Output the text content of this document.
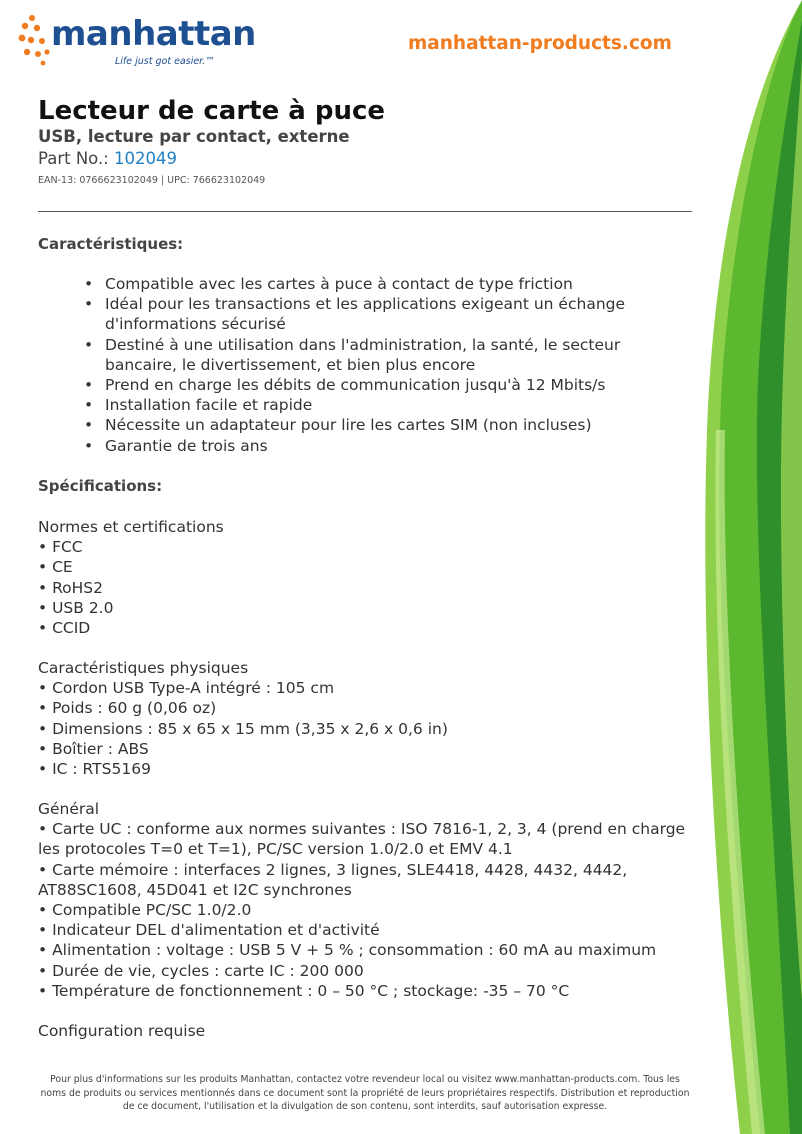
manhattan
Life just got easier.™
manhattan-products.com
Lecteur de carte à puce
USB, lecture par contact, externe
Part No.: 102049
EAN-13: 0766623102049 | UPC: 766623102049
Caractéristiques:
• Compatible avec les cartes à puce à contact de type friction
• Idéal pour les transactions et les applications exigeant un échange d'informations sécurisé
• Destiné à une utilisation dans l'administration, la santé, le secteur bancaire, le divertissement, et bien plus encore
• Prend en charge les débits de communication jusqu'à 12 Mbits/s
• Installation facile et rapide
• Nécessite un adaptateur pour lire les cartes SIM (non incluses)
• Garantie de trois ans
Spécifications:
Normes et certifications
• FCC
• CE
• RoHS2
• USB 2.0
• CCID
Caractéristiques physiques
• Cordon USB Type-A intégré : 105 cm
• Poids : 60 g (0,06 oz)
• Dimensions : 85 x 65 x 15 mm (3,35 x 2,6 x 0,6 in)
• Boîtier : ABS
• IC : RTS5169
Général
• Carte UC : conforme aux normes suivantes : ISO 7816-1, 2, 3, 4 (prend en charge les protocoles T=0 et T=1), PC/SC version 1.0/2.0 et EMV 4.1
• Carte mémoire : interfaces 2 lignes, 3 lignes, SLE4418, 4428, 4432, 4442, AT88SC1608, 45D041 et I2C synchrones
• Compatible PC/SC 1.0/2.0
• Indicateur DEL d'alimentation et d'activité
• Alimentation : voltage : USB 5 V + 5 % ; consommation : 60 mA au maximum
• Durée de vie, cycles : carte IC : 200 000
• Température de fonctionnement : 0 – 50 °C ; stockage: -35 – 70 °C
Configuration requise
Pour plus d'informations sur les produits Manhattan, contactez votre revendeur local ou visitez www.manhattan-products.com. Tous les noms de produits ou services mentionnés dans ce document sont la propriété de leurs propriétaires respectifs. Distribution et reproduction de ce document, l'utilisation et la divulgation de son contenu, sont interdits, sauf autorisation expresse.
